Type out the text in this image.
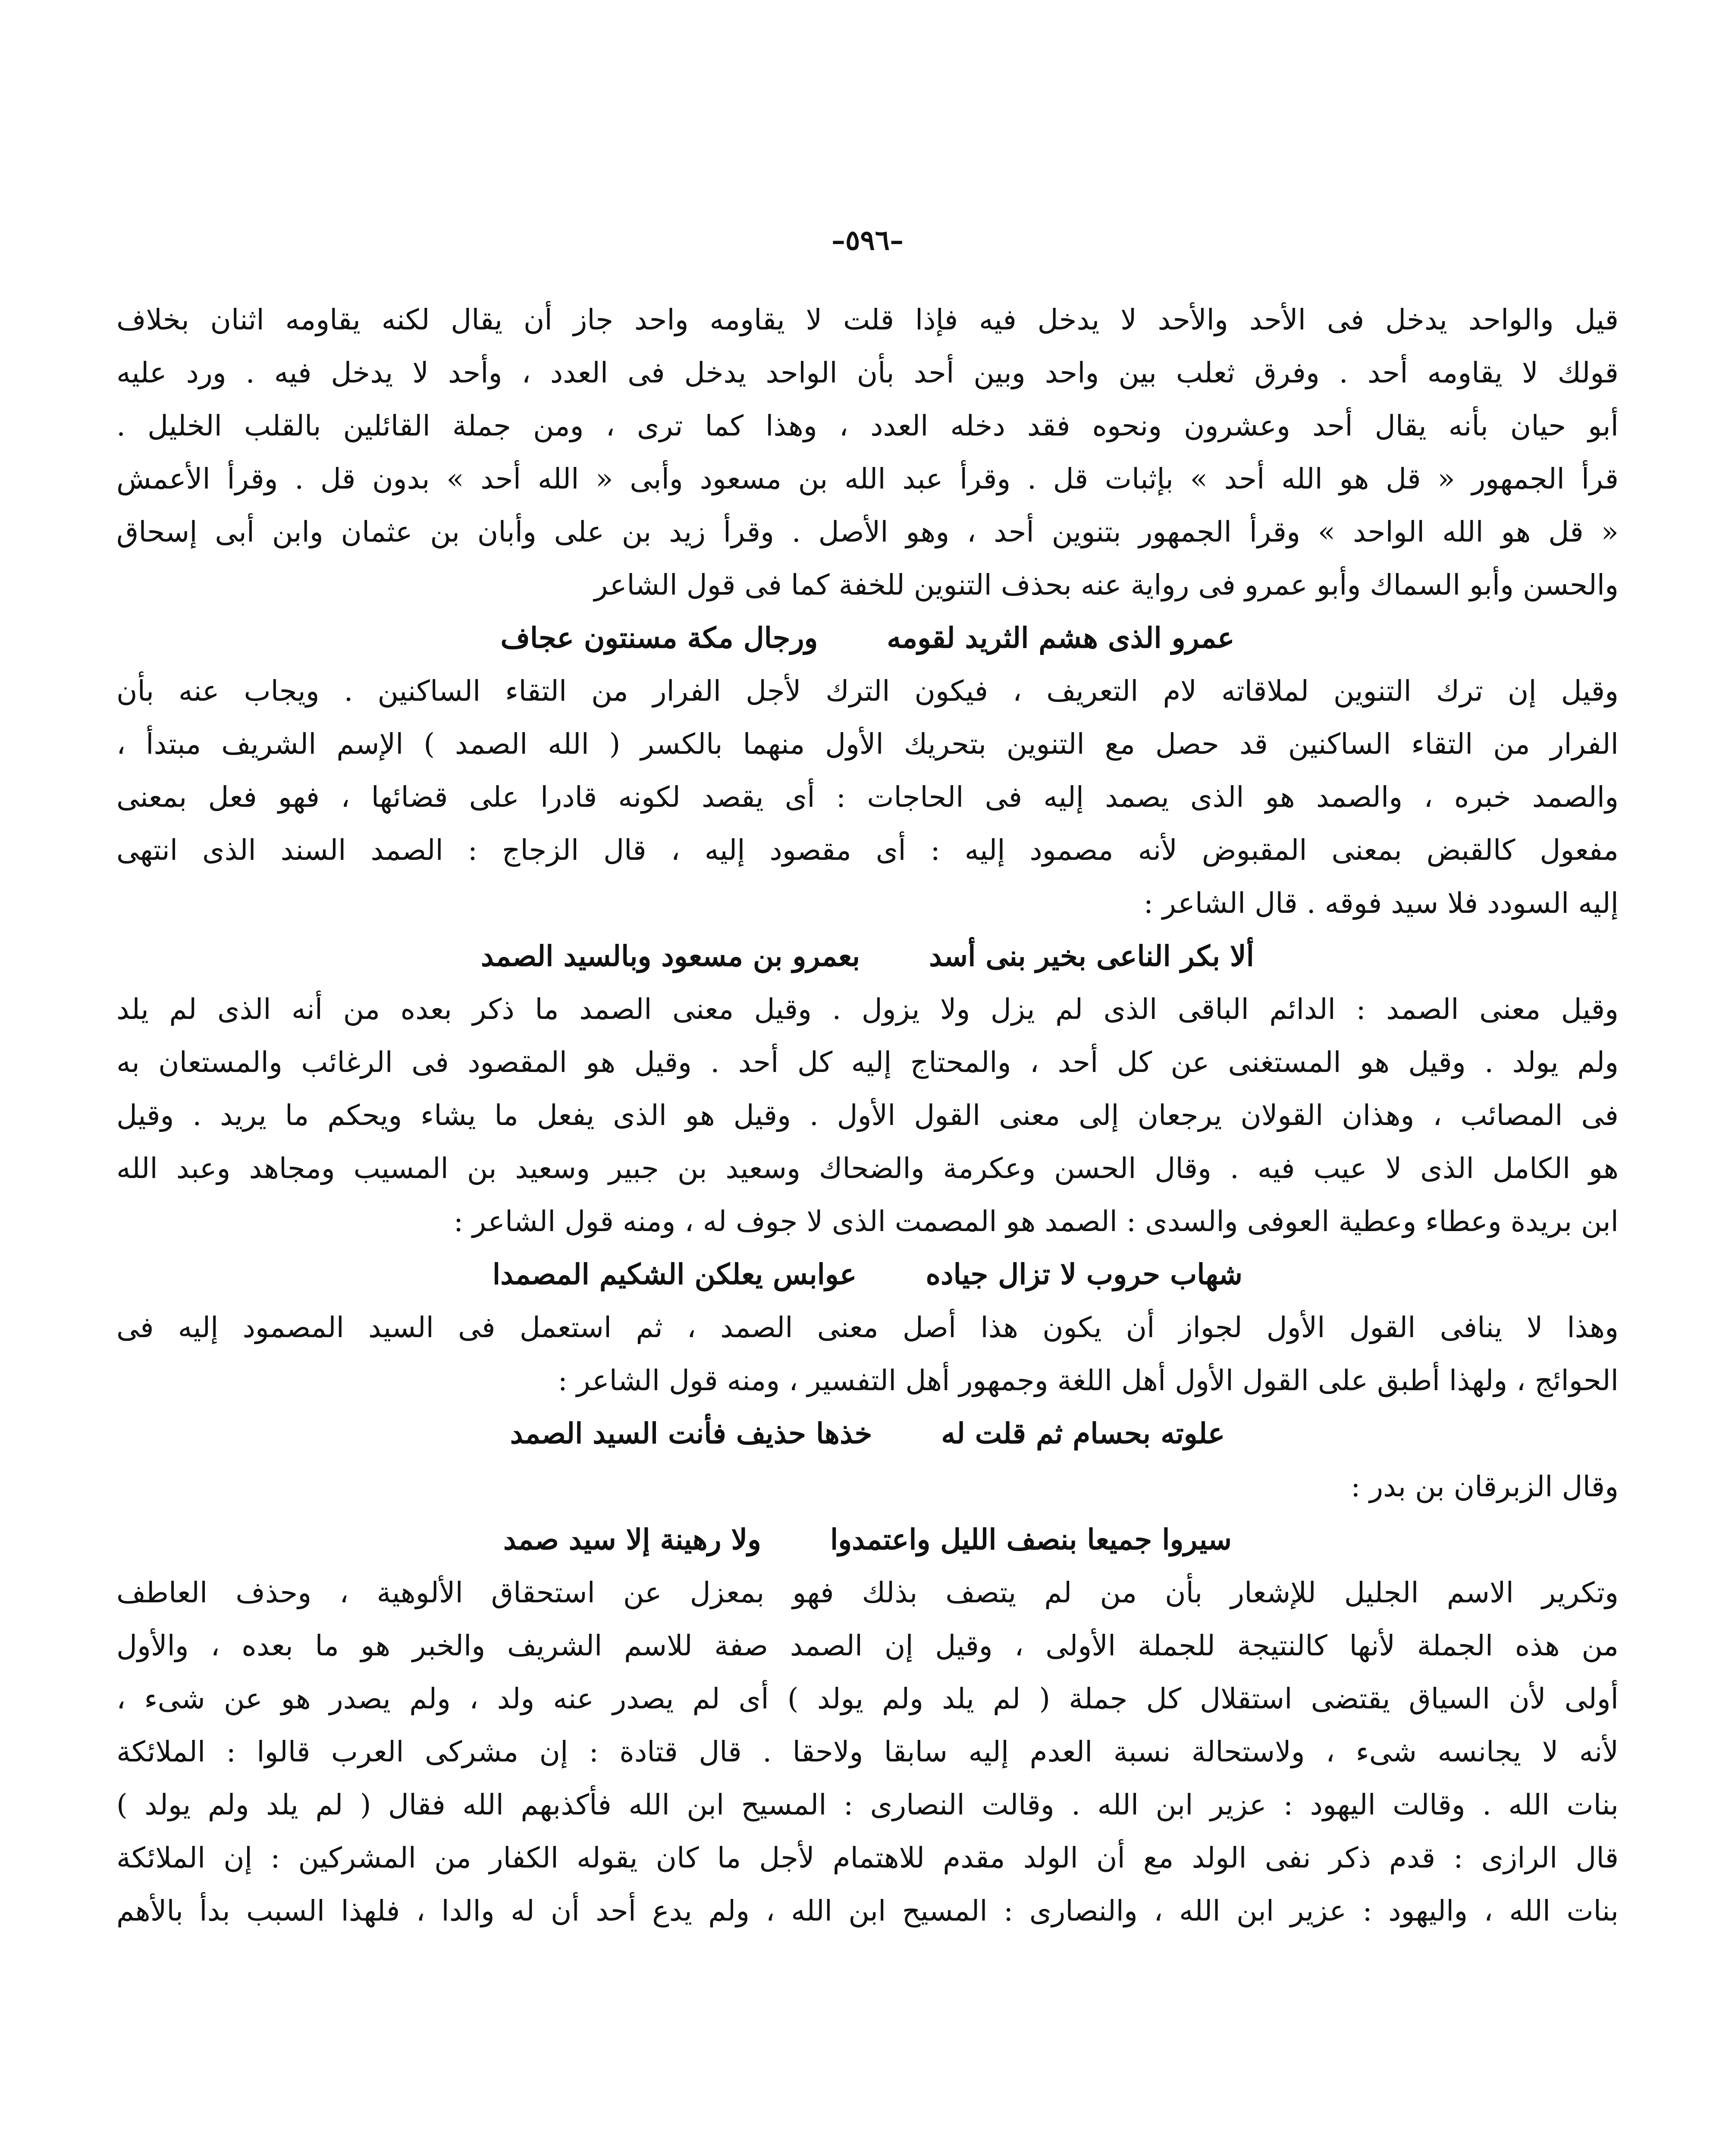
–٥٩٦–
قيل والواحد يدخل فى الأحد والأحد لا يدخل فيه فإذا قلت لا يقاومه واحد جاز أن يقال لكنه يقاومه اثنان بخلاف
قولك لا يقاومه أحد . وفرق ثعلب بين واحد وبين أحد بأن الواحد يدخل فى العدد ، وأحد لا يدخل فيه . ورد عليه
أبو حيان بأنه يقال أحد وعشرون ونحوه فقد دخله العدد ، وهذا كما ترى ، ومن جملة القائلين بالقلب الخليل .
قرأ الجمهور « قل هو الله أحد » بإثبات قل . وقرأ عبد الله بن مسعود وأبى « الله أحد » بدون قل . وقرأ الأعمش
« قل هو الله الواحد » وقرأ الجمهور بتنوين أحد ، وهو الأصل . وقرأ زيد بن على وأبان بن عثمان وابن أبى إسحاق
والحسن وأبو السماك وأبو عمرو فى رواية عنه بحذف التنوين للخفة كما فى قول الشاعر
عمرو الذى هشم الثريد لقومه
ورجال مكة مسنتون عجاف
وقيل إن ترك التنوين لملاقاته لام التعريف ، فيكون الترك لأجل الفرار من التقاء الساكنين . ويجاب عنه بأن
الفرار من التقاء الساكنين قد حصل مع التنوين بتحريك الأول منهما بالكسر ( الله الصمد ) الإسم الشريف مبتدأ ،
والصمد خبره ، والصمد هو الذى يصمد إليه فى الحاجات : أى يقصد لكونه قادرا على قضائها ، فهو فعل بمعنى
مفعول كالقبض بمعنى المقبوض لأنه مصمود إليه : أى مقصود إليه ، قال الزجاج : الصمد السند الذى انتهى
إليه السودد فلا سيد فوقه . قال الشاعر :
ألا بكر الناعى بخير بنى أسد
بعمرو بن مسعود وبالسيد الصمد
وقيل معنى الصمد : الدائم الباقى الذى لم يزل ولا يزول . وقيل معنى الصمد ما ذكر بعده من أنه الذى لم يلد
ولم يولد . وقيل هو المستغنى عن كل أحد ، والمحتاج إليه كل أحد . وقيل هو المقصود فى الرغائب والمستعان به
فى المصائب ، وهذان القولان يرجعان إلى معنى القول الأول . وقيل هو الذى يفعل ما يشاء ويحكم ما يريد . وقيل
هو الكامل الذى لا عيب فيه . وقال الحسن وعكرمة والضحاك وسعيد بن جبير وسعيد بن المسيب ومجاهد وعبد الله
ابن بريدة وعطاء وعطية العوفى والسدى : الصمد هو المصمت الذى لا جوف له ، ومنه قول الشاعر :
شهاب حروب لا تزال جياده
عوابس يعلكن الشكيم المصمدا
وهذا لا ينافى القول الأول لجواز أن يكون هذا أصل معنى الصمد ، ثم استعمل فى السيد المصمود إليه فى
الحوائج ، ولهذا أطبق على القول الأول أهل اللغة وجمهور أهل التفسير ، ومنه قول الشاعر :
علوته بحسام ثم قلت له
خذها حذيف فأنت السيد الصمد
وقال الزبرقان بن بدر :
سيروا جميعا بنصف الليل واعتمدوا
ولا رهينة إلا سيد صمد
وتكرير الاسم الجليل للإشعار بأن من لم يتصف بذلك فهو بمعزل عن استحقاق الألوهية ، وحذف العاطف
من هذه الجملة لأنها كالنتيجة للجملة الأولى ، وقيل إن الصمد صفة للاسم الشريف والخبر هو ما بعده ، والأول
أولى لأن السياق يقتضى استقلال كل جملة ( لم يلد ولم يولد ) أى لم يصدر عنه ولد ، ولم يصدر هو عن شىء ،
لأنه لا يجانسه شىء ، ولاستحالة نسبة العدم إليه سابقا ولاحقا . قال قتادة : إن مشركى العرب قالوا : الملائكة
بنات الله . وقالت اليهود : عزير ابن الله . وقالت النصارى : المسيح ابن الله فأكذبهم الله فقال ( لم يلد ولم يولد )
قال الرازى : قدم ذكر نفى الولد مع أن الولد مقدم للاهتمام لأجل ما كان يقوله الكفار من المشركين : إن الملائكة
بنات الله ، واليهود : عزير ابن الله ، والنصارى : المسيح ابن الله ، ولم يدع أحد أن له والدا ، فلهذا السبب بدأ بالأهم
